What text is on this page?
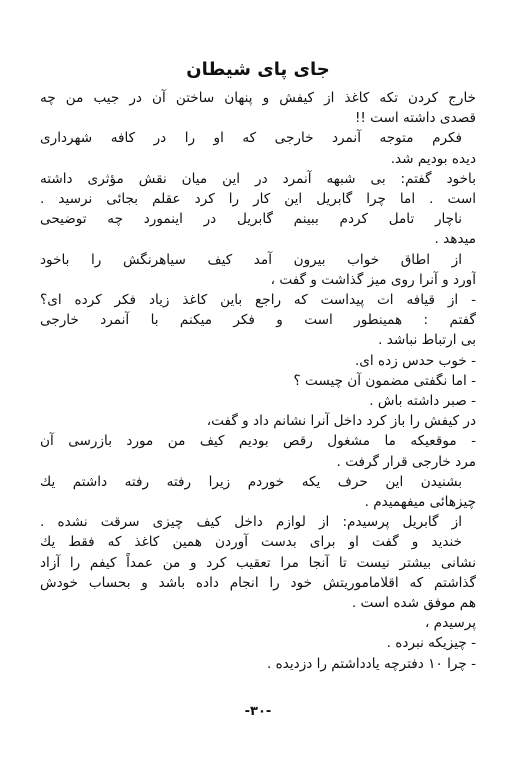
جای پای شیطان
خارج کردن تکه کاغذ از کیفش و پنهان ساختن آن در جیب من چه
قصدی داشته است !!
فکرم متوجه آنمرد خارجی که او را در کافه شهرداری
دیده بودیم شد.
باخود گفتم: بی شبهه آنمرد در این میان نقش مؤثری داشته
است . اما چرا گابریل این کار را کرد عقلم بجائی نرسید .
ناچار تامل کردم ببینم گابریل در اینمورد چه توضیحی
میدهد .
از اطاق خواب بیرون آمد کیف سیاهرنگش را باخود
آورد و آنرا روی میز گذاشت و گفت ،
- از قیافه ات پیداست که راجع باین کاغذ زیاد فکر کرده ای؟
گفتم : همینطور است و فکر میکنم با آنمرد خارجی
بی ارتباط نباشد .
- خوب حدس زده ای.
- اما نگفتی مضمون آن چیست ؟
- صبر داشته باش .
در کیفش را باز کرد داخل آنرا نشانم داد و گفت،
- موقعیکه ما مشغول رقص بودیم کیف من مورد بازرسی آن
مرد خارجی قرار گرفت .
بشنیدن این حرف یکه خوردم زیرا رفته رفته داشتم یك
چیزهائی میفهمیدم .
از گابریل پرسیدم: از لوازم داخل کیف چیزی سرقت نشده .
خندید و گفت او برای بدست آوردن همین کاغذ که فقط یك
نشانی بیشتر نیست تا آنجا مرا تعقیب کرد و من عمداً کیفم را آزاد
گذاشتم که اقلاماموریتش خود را انجام داده باشد و بحساب خودش
هم موفق شده است .
پرسیدم ،
- چیزیکه نبرده .
- چرا ۱۰ دفترچه یادداشتم را دزدیده .
-۳۰-
